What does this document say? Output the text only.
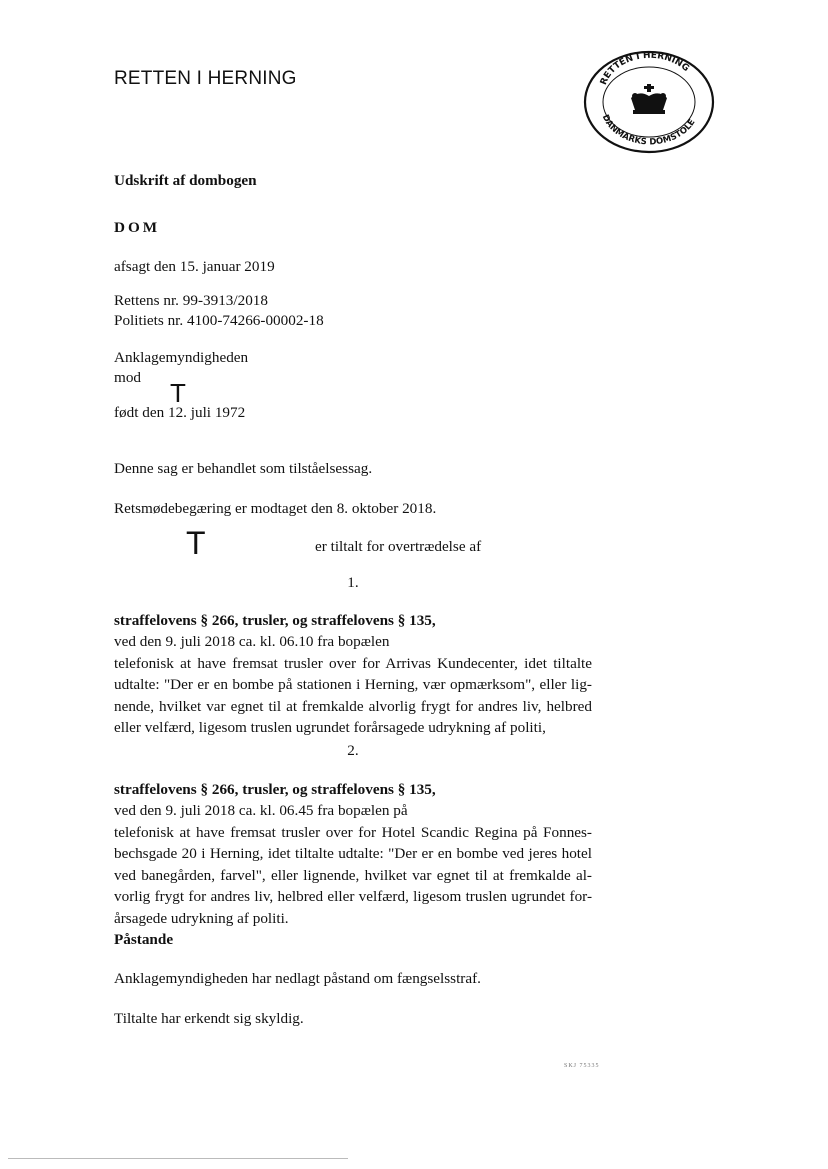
RETTEN I HERNING	RETTEN I HERNING
DANMARKS DOMSTOLE
Udskrift af dombogen
DOM
afsagt den 15. januar 2019
Rettens nr. 99-3913/2018
Politiets nr. 4100-74266-00002-18
Anklagemyndigheden
mod
T
født den 12. juli 1972
Denne sag er behandlet som tilståelsessag.
Retsmødebegæring er modtaget den 8. oktober 2018.
T	er tiltalt for overtrædelse af
1.
straffelovens § 266, trusler, og straffelovens § 135,
ved den 9. juli 2018 ca. kl. 06.10 fra bopælen
telefonisk at have fremsat trusler over for Arrivas Kundecenter, idet tiltalte
udtalte: "Der er en bombe på stationen i Herning, vær opmærksom", eller lig-
nende, hvilket var egnet til at fremkalde alvorlig frygt for andres liv, helbred
eller velfærd, ligesom truslen ugrundet forårsagede udrykning af politi,
2.
straffelovens § 266, trusler, og straffelovens § 135,
ved den 9. juli 2018 ca. kl. 06.45 fra bopælen på
telefonisk at have fremsat trusler over for Hotel Scandic Regina på Fonnes-
bechsgade 20 i Herning, idet tiltalte udtalte: "Der er en bombe ved jeres hotel
ved banegården, farvel", eller lignende, hvilket var egnet til at fremkalde al-
vorlig frygt for andres liv, helbred eller velfærd, ligesom truslen ugrundet for-
årsagede udrykning af politi.
Påstande
Anklagemyndigheden har nedlagt påstand om fængselsstraf.
Tiltalte har erkendt sig skyldig.
SKJ 75335
